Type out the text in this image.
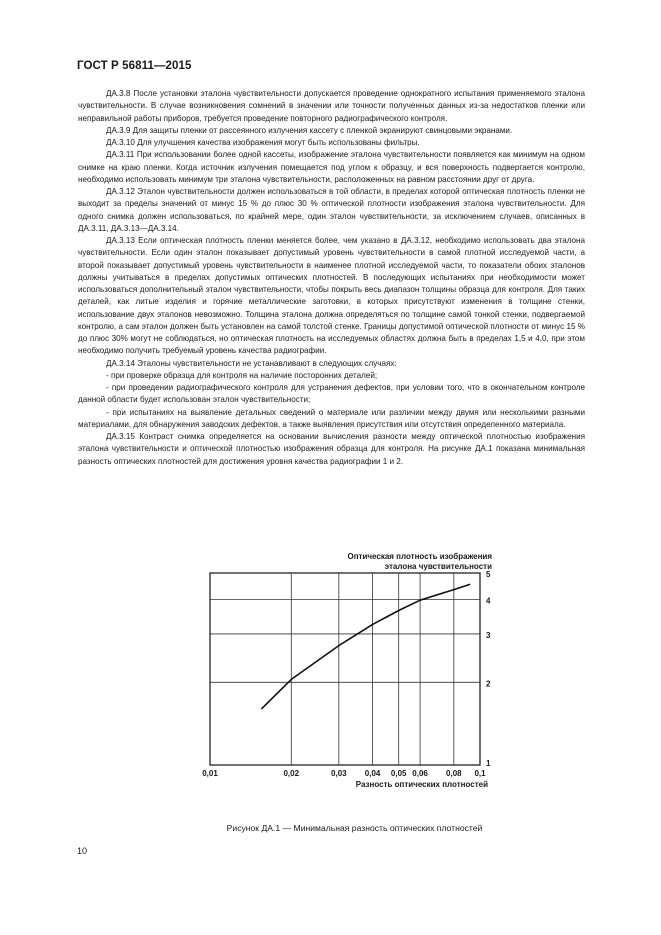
ГОСТ Р 56811—2015

ДА.3.8 После установки эталона чувствительности допускается проведение однократного испытания применяемого эталона чувствительности. В случае возникновения сомнений в значении или точности полученных данных из-за недостатков пленки или неправильной работы приборов, требуется проведение повторного радиографического контроля.

ДА.3.9 Для защиты пленки от рассеянного излучения кассету с пленкой экранируют свинцовыми экранами.

ДА.3.10 Для улучшения качества изображения могут быть использованы фильтры.

ДА.3.11 При использовании более одной кассеты, изображение эталона чувствительности появляется как минимум на одном снимке на краю пленки. Когда источник излучения помещается под углом к образцу, и вся поверхность подвергается контролю, необходимо использовать минимум три эталона чувствительности, расположенных на равном расстоянии друг от друга.

ДА.3.12 Эталон чувствительности должен использоваться в той области, в пределах которой оптическая плотность пленки не выходит за пределы значений от минус 15 % до плюс 30 % оптической плотности изображения эталона чувствительности. Для одного снимка должен использоваться, по крайней мере, один эталон чувствительности, за исключением случаев, описанных в ДА.3.11, ДА.3.13—ДА.3.14.

ДА.3.13 Если оптическая плотность пленки меняется более, чем указано в ДА.3.12, необходимо использовать два эталона чувствительности. Если один эталон показывает допустимый уровень чувствительности в самой плотной исследуемой части, а второй показывает допустимый уровень чувствительности в наименее плотной исследуемой части, то показатели обоих эталонов должны учитываться в пределах допустимых оптических плотностей. В последующих испытаниях при необходимости может использоваться дополнительный эталон чувствительности, чтобы покрыть весь диапазон толщины образца для контроля. Для таких деталей, как литые изделия и горячие металлические заготовки, в которых присутствуют изменения в толщине стенки, использование двух эталонов невозможно. Толщина эталона должна определяться по толщине самой тонкой стенки, подвергаемой контролю, а сам эталон должен быть установлен на самой толстой стенке. Границы допустимой оптической плотности от минус 15 % до плюс 30% могут не соблюдаться, но оптическая плотность на исследуемых областях должна быть в пределах 1,5 и 4,0, при этом необходимо получить требуемый уровень качества радиографии.

ДА.3.14 Эталоны чувствительности не устанавливают в следующих случаях:

- при проверке образца для контроля на наличие посторонних деталей;

- при проведении радиографического контроля для устранения дефектов, при условии того, что в окончательном контроле данной области будет использован эталон чувствительности;

- при испытаниях на выявление детальных сведений о материале или различии между двумя или несколькими разными материалами, для обнаружения заводских дефектов, а также выявления присутствия или отсутствия определенного материала.

ДА.3.15 Контраст снимка определяется на основании вычисления разности между оптической плотностью изображения эталона чувствительности и оптической плотностью изображения образца для контроля. На рисунке ДА.1 показана минимальная разность оптических плотностей для достижения уровня качества радиографии 1 и 2.

0,01	0,02	0,03 0,04 0,05 0,06 0,08 0,1
1
2
3
4
5
Оптическая плотность изображения
эталона чувствительности
Разность оптических плотностей
Рисунок ДА.1 — Минимальная разность оптических плотностей
10
